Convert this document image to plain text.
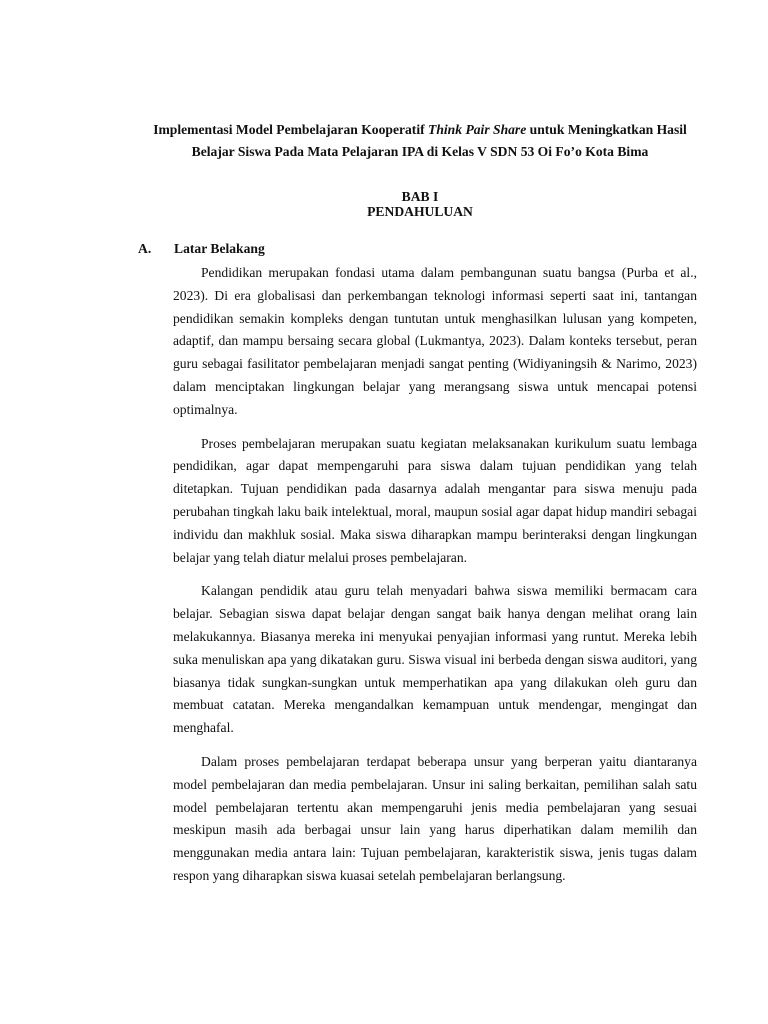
Implementasi Model Pembelajaran Kooperatif Think Pair Share untuk Meningkatkan Hasil
Belajar Siswa Pada Mata Pelajaran IPA di Kelas V SDN 53 Oi Fo’o Kota Bima
BAB I
PENDAHULUAN
A. Latar Belakang

Pendidikan merupakan fondasi utama dalam pembangunan suatu bangsa (Purba et al., 2023). Di era globalisasi dan perkembangan teknologi informasi seperti saat ini, tantangan pendidikan semakin kompleks dengan tuntutan untuk menghasilkan lulusan yang kompeten, adaptif, dan mampu bersaing secara global (Lukmantya, 2023). Dalam konteks tersebut, peran guru sebagai fasilitator pembelajaran menjadi sangat penting (Widiyaningsih & Narimo, 2023) dalam menciptakan lingkungan belajar yang merangsang siswa untuk mencapai potensi optimalnya.

Proses pembelajaran merupakan suatu kegiatan melaksanakan kurikulum suatu lembaga pendidikan, agar dapat mempengaruhi para siswa dalam tujuan pendidikan yang telah ditetapkan. Tujuan pendidikan pada dasarnya adalah mengantar para siswa menuju pada perubahan tingkah laku baik intelektual, moral, maupun sosial agar dapat hidup mandiri sebagai individu dan makhluk sosial. Maka siswa diharapkan mampu berinteraksi dengan lingkungan belajar yang telah diatur melalui proses pembelajaran.

Kalangan pendidik atau guru telah menyadari bahwa siswa memiliki bermacam cara belajar. Sebagian siswa dapat belajar dengan sangat baik hanya dengan melihat orang lain melakukannya. Biasanya mereka ini menyukai penyajian informasi yang runtut. Mereka lebih suka menuliskan apa yang dikatakan guru. Siswa visual ini berbeda dengan siswa auditori, yang biasanya tidak sungkan-sungkan untuk memperhatikan apa yang dilakukan oleh guru dan membuat catatan. Mereka mengandalkan kemampuan untuk mendengar, mengingat dan menghafal.

Dalam proses pembelajaran terdapat beberapa unsur yang berperan yaitu diantaranya model pembelajaran dan media pembelajaran. Unsur ini saling berkaitan, pemilihan salah satu model pembelajaran tertentu akan mempengaruhi jenis media pembelajaran yang sesuai meskipun masih ada berbagai unsur lain yang harus diperhatikan dalam memilih dan menggunakan media antara lain: Tujuan pembelajaran, karakteristik siswa, jenis tugas dalam respon yang diharapkan siswa kuasai setelah pembelajaran berlangsung.
